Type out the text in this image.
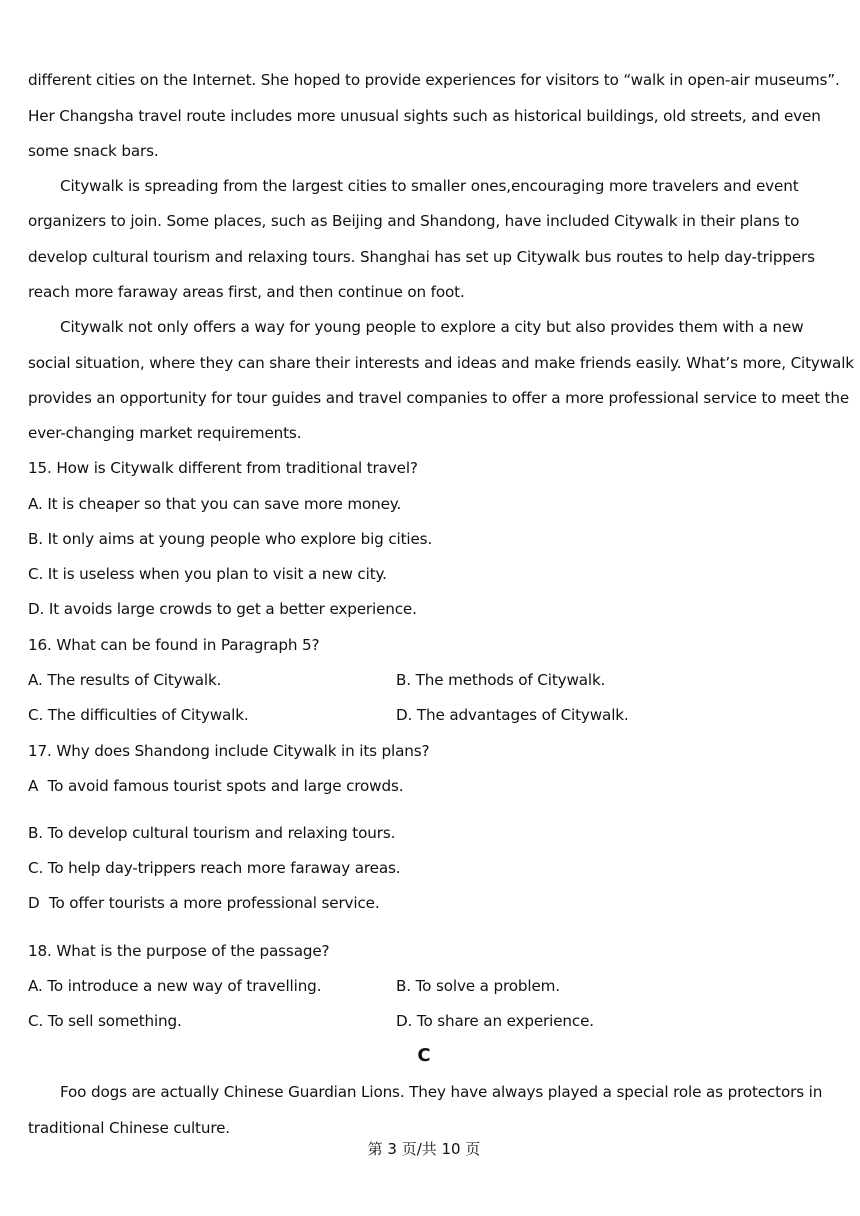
different cities on the Internet. She hoped to provide experiences for visitors to “walk in open-air museums”.
Her Changsha travel route includes more unusual sights such as historical buildings, old streets, and even
some snack bars.
Citywalk is spreading from the largest cities to smaller ones,encouraging more travelers and event
organizers to join. Some places, such as Beijing and Shandong, have included Citywalk in their plans to
develop cultural tourism and relaxing tours. Shanghai has set up Citywalk bus routes to help day-trippers
reach more faraway areas first, and then continue on foot.
Citywalk not only offers a way for young people to explore a city but also provides them with a new
social situation, where they can share their interests and ideas and make friends easily. What’s more, Citywalk
provides an opportunity for tour guides and travel companies to offer a more professional service to meet the
ever-changing market requirements.
15. How is Citywalk different from traditional travel?
A. It is cheaper so that you can save more money.
B. It only aims at young people who explore big cities.
C. It is useless when you plan to visit a new city.
D. It avoids large crowds to get a better experience.
16. What can be found in Paragraph 5?
A. The results of Citywalk.	B. The methods of Citywalk.
C. The difficulties of Citywalk.	D. The advantages of Citywalk.
17. Why does Shandong include Citywalk in its plans?
A  To avoid famous tourist spots and large crowds.
B. To develop cultural tourism and relaxing tours.
C. To help day-trippers reach more faraway areas.
D  To offer tourists a more professional service.
18. What is the purpose of the passage?
A. To introduce a new way of travelling.	B. To solve a problem.
C. To sell something.	D. To share an experience.
C
Foo dogs are actually Chinese Guardian Lions. They have always played a special role as protectors in
traditional Chinese culture.
第 3 页/共 10 页
